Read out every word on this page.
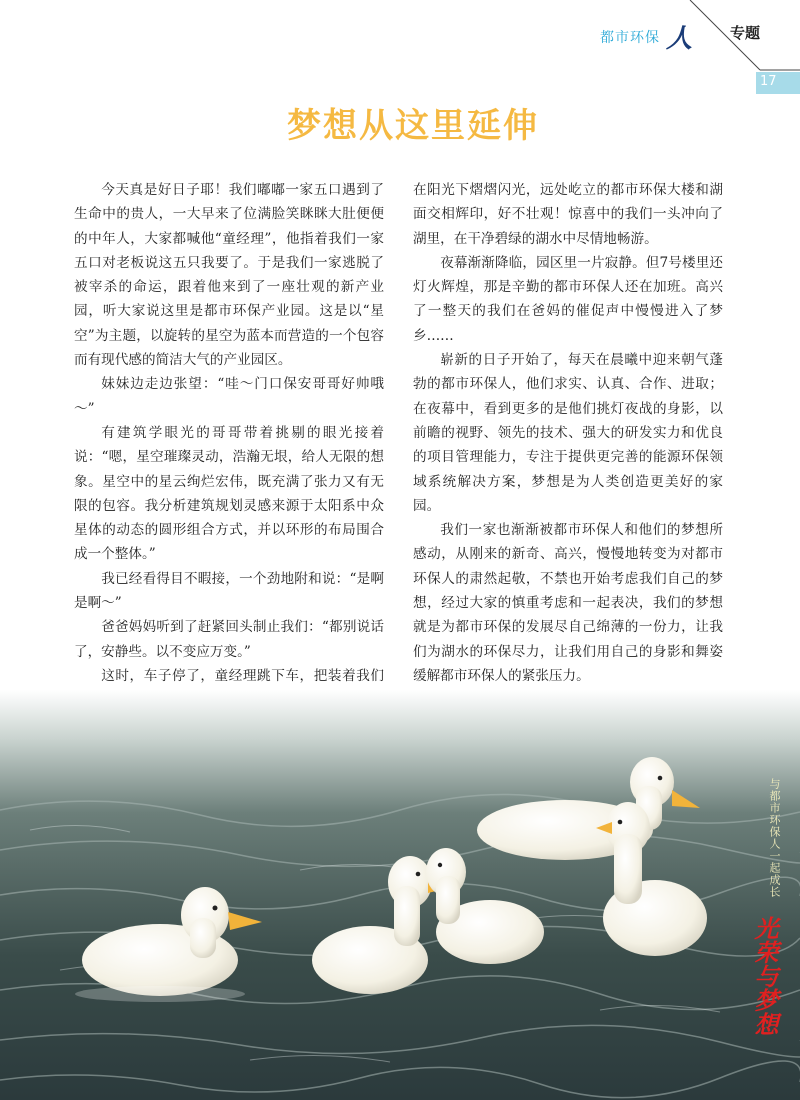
都市环保 人	专题
17
梦想从这里延伸

今天真是好日子耶！我们嘟嘟一家五口遇到了生命中的贵人，一大早来了位满脸笑眯眯大肚便便的中年人，大家都喊他“童经理”，他指着我们一家五口对老板说这五只我要了。于是我们一家逃脱了被宰杀的命运，跟着他来到了一座壮观的新产业园，听大家说这里是都市环保产业园。这是以“星空”为主题，以旋转的星空为蓝本而营造的一个包容而有现代感的简洁大气的产业园区。

妹妹边走边张望：“哇～门口保安哥哥好帅哦～”

有建筑学眼光的哥哥带着挑剔的眼光接着说：“嗯，星空璀璨灵动，浩瀚无垠，给人无限的想象。星空中的星云绚烂宏伟，既充满了张力又有无限的包容。我分析建筑规划灵感来源于太阳系中众星体的动态的圆形组合方式，并以环形的布局围合成一个整体。”

我已经看得目不暇接，一个劲地附和说：“是啊是啊～”

爸爸妈妈听到了赶紧回头制止我们：“都别说话了，安静些。以不变应万变。”

这时，车子停了，童经理跳下车，把装着我们

在阳光下熠熠闪光，远处屹立的都市环保大楼和湖面交相辉印，好不壮观！惊喜中的我们一头冲向了湖里，在干净碧绿的湖水中尽情地畅游。

夜幕渐渐降临，园区里一片寂静。但7号楼里还灯火辉煌，那是辛勤的都市环保人还在加班。高兴了一整天的我们在爸妈的催促声中慢慢进入了梦乡……

崭新的日子开始了，每天在晨曦中迎来朝气蓬勃的都市环保人，他们求实、认真、合作、进取；在夜幕中，看到更多的是他们挑灯夜战的身影，以前瞻的视野、领先的技术、强大的研发实力和优良的项目管理能力，专注于提供更完善的能源环保领域系统解决方案，梦想是为人类创造更美好的家园。

我们一家也渐渐被都市环保人和他们的梦想所感动，从刚来的新奇、高兴，慢慢地转变为对都市环保人的肃然起敬，不禁也开始考虑我们自己的梦想，经过大家的慎重考虑和一起表决，我们的梦想就是为都市环保的发展尽自己绵薄的一份力，让我们为湖水的环保尽力，让我们用自己的身影和舞姿缓解都市环保人的紧张压力。

与都市环保人一起成长
光荣与梦想
